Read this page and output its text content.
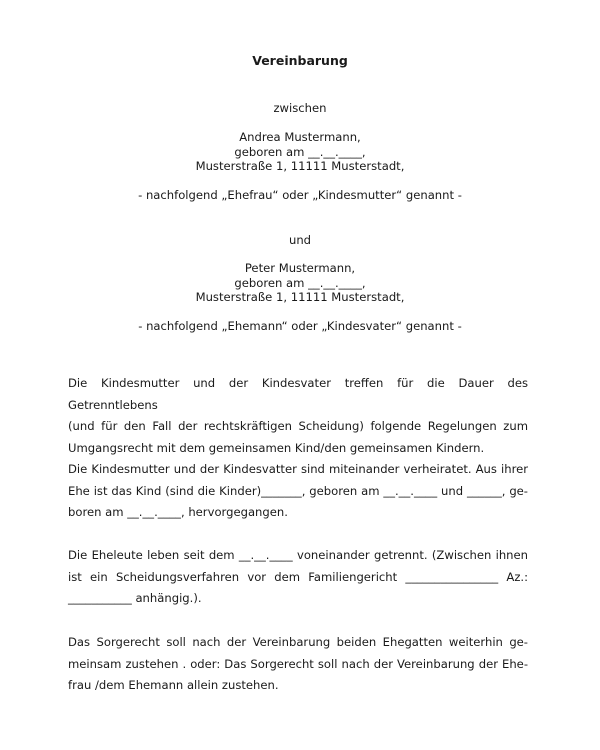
Vereinbarung
zwischen
Andrea Mustermann,
geboren am __.__.____,
Musterstraße 1, 11111 Musterstadt,
- nachfolgend „Ehefrau“ oder „Kindesmutter“ genannt -
und
Peter Mustermann,
geboren am __.__.____,
Musterstraße 1, 11111 Musterstadt,
- nachfolgend „Ehemann“ oder „Kindesvater“ genannt -
Die Kindesmutter und der Kindesvater treffen für die Dauer des Getrenntlebens
(und für den Fall der rechtskräftigen Scheidung) folgende Regelungen zum
Umgangsrecht mit dem gemeinsamen Kind/den gemeinsamen Kindern.
Die Kindesmutter und der Kindesvatter sind miteinander verheiratet. Aus ihrer
Ehe ist das Kind (sind die Kinder)_______, geboren am __.__.____ und ______, ge-
boren am __.__.____, hervorgegangen.
Die Eheleute leben seit dem __.__.____ voneinander getrennt. (Zwischen ihnen
ist ein Scheidungsverfahren vor dem Familiengericht ________________ Az.:
___________ anhängig.).
Das Sorgerecht soll nach der Vereinbarung beiden Ehegatten weiterhin ge-
meinsam zustehen . oder: Das Sorgerecht soll nach der Vereinbarung der Ehe-
frau /dem Ehemann allein zustehen.
